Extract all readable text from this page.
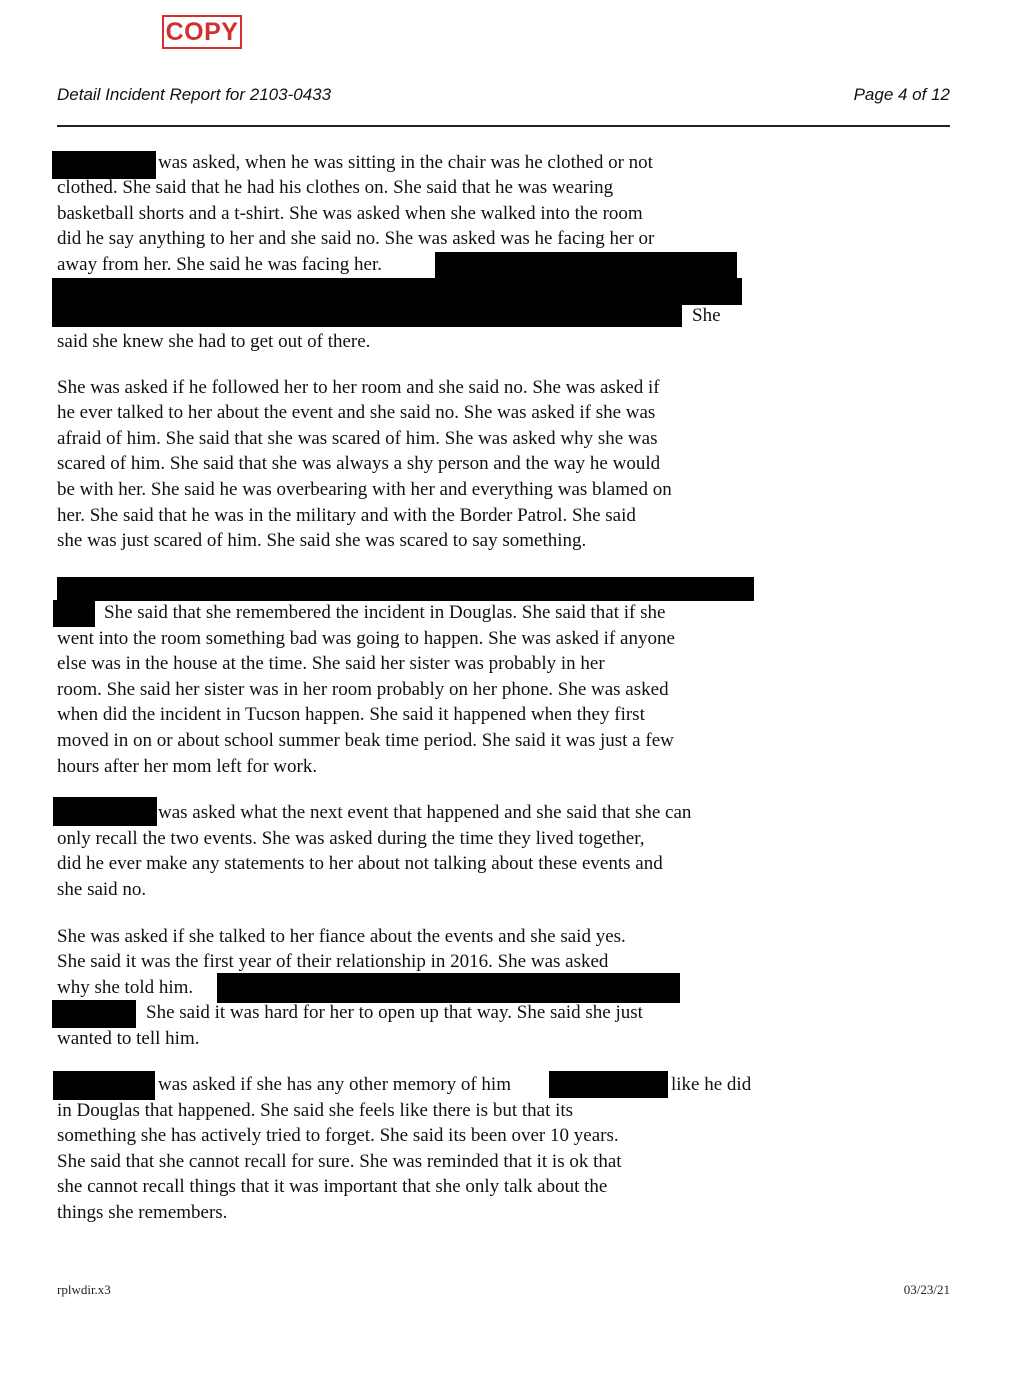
COPY
Detail Incident Report for 2103-0433	Page 4 of 12
was asked, when he was sitting in the chair was he clothed or not
clothed. She said that he had his clothes on. She said that he was wearing
basketball shorts and a t-shirt. She was asked when she walked into the room
did he say anything to her and she said no. She was asked was he facing her or
away from her. She said he was facing her.
She
said she knew she had to get out of there.
She was asked if he followed her to her room and she said no. She was asked if
he ever talked to her about the event and she said no. She was asked if she was
afraid of him. She said that she was scared of him. She was asked why she was
scared of him. She said that she was always a shy person and the way he would
be with her. She said he was overbearing with her and everything was blamed on
her. She said that he was in the military and with the Border Patrol. She said
she was just scared of him. She said she was scared to say something.
She said that she remembered the incident in Douglas. She said that if she
went into the room something bad was going to happen. She was asked if anyone
else was in the house at the time. She said her sister was probably in her
room. She said her sister was in her room probably on her phone. She was asked
when did the incident in Tucson happen. She said it happened when they first
moved in on or about school summer beak time period. She said it was just a few
hours after her mom left for work.
was asked what the next event that happened and she said that she can
only recall the two events. She was asked during the time they lived together,
did he ever make any statements to her about not talking about these events and
she said no.
She was asked if she talked to her fiance about the events and she said yes.
She said it was the first year of their relationship in 2016. She was asked
why she told him.
She said it was hard for her to open up that way. She said she just
wanted to tell him.
was asked if she has any other memory of him	like he did
in Douglas that happened. She said she feels like there is but that its
something she has actively tried to forget. She said its been over 10 years.
She said that she cannot recall for sure. She was reminded that it is ok that
she cannot recall things that it was important that she only talk about the
things she remembers.
rplwdir.x3	03/23/21
